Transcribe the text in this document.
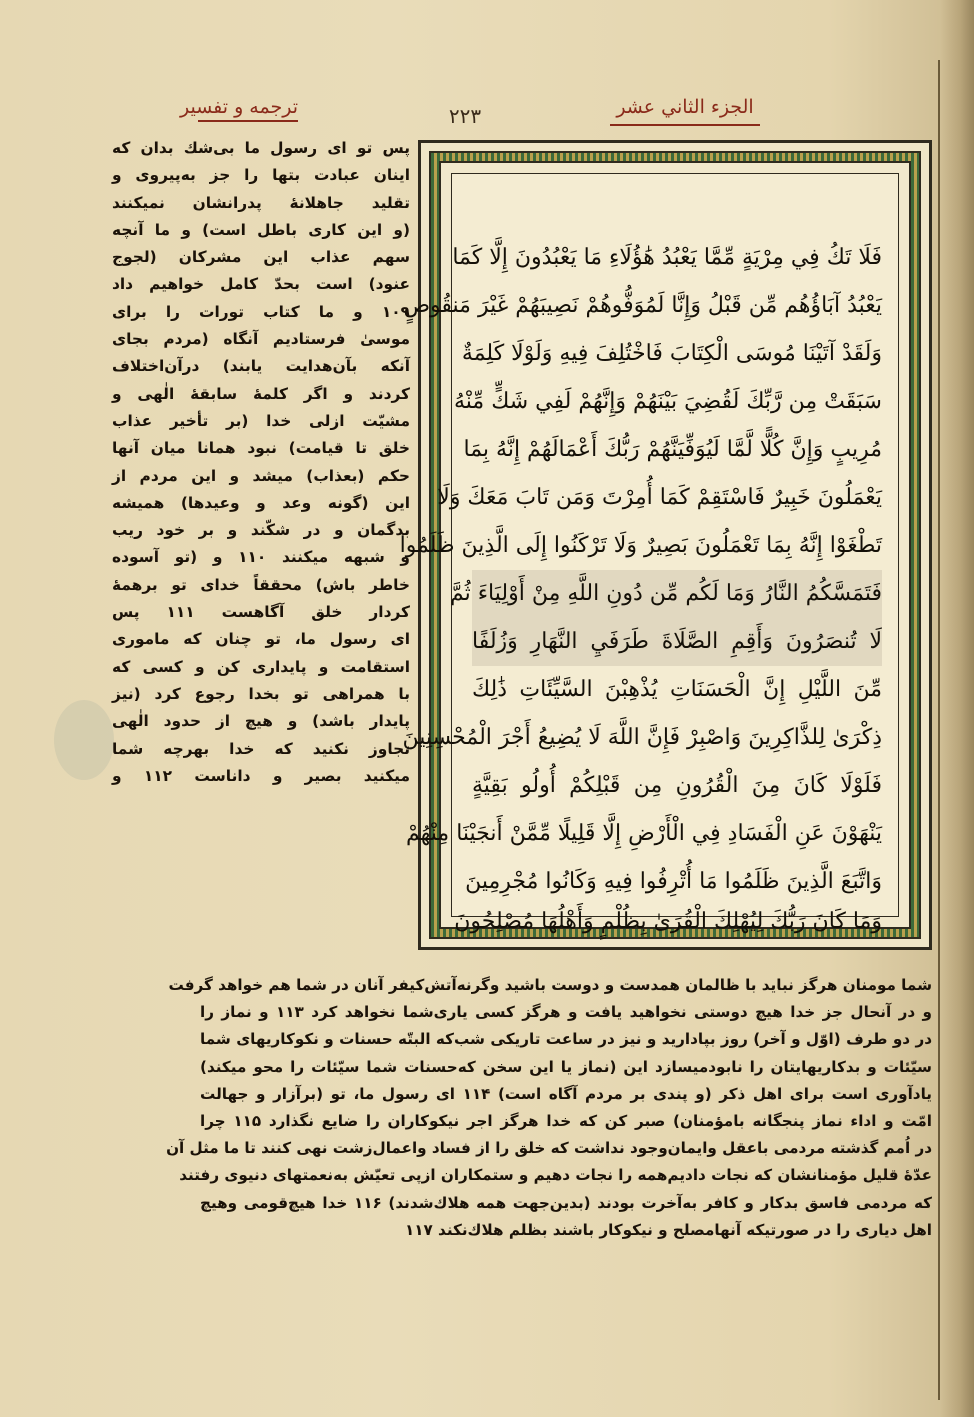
ترجمه و تفسیر	۲۲۳	الجزء الثاني عشر
فَلَا تَكُ فِي مِرْيَةٍ مِّمَّا يَعْبُدُ هَٰؤُلَاءِ مَا يَعْبُدُونَ إِلَّا كَمَا
يَعْبُدُ آبَاؤُهُم مِّن قَبْلُ وَإِنَّا لَمُوَفُّوهُمْ نَصِيبَهُمْ غَيْرَ مَنقُوصٍ
وَلَقَدْ آتَيْنَا مُوسَى الْكِتَابَ فَاخْتُلِفَ فِيهِ وَلَوْلَا كَلِمَةٌ
سَبَقَتْ مِن رَّبِّكَ لَقُضِيَ بَيْنَهُمْ وَإِنَّهُمْ لَفِي شَكٍّ مِّنْهُ
مُرِيبٍ وَإِنَّ كُلًّا لَّمَّا لَيُوَفِّيَنَّهُمْ رَبُّكَ أَعْمَالَهُمْ إِنَّهُ بِمَا
يَعْمَلُونَ خَبِيرٌ فَاسْتَقِمْ كَمَا أُمِرْتَ وَمَن تَابَ مَعَكَ وَلَا
تَطْغَوْا إِنَّهُ بِمَا تَعْمَلُونَ بَصِيرٌ وَلَا تَرْكَنُوا إِلَى الَّذِينَ ظَلَمُوا
فَتَمَسَّكُمُ النَّارُ وَمَا لَكُم مِّن دُونِ اللَّهِ مِنْ أَوْلِيَاءَ ثُمَّ
لَا تُنصَرُونَ وَأَقِمِ الصَّلَاةَ طَرَفَيِ النَّهَارِ وَزُلَفًا
مِّنَ اللَّيْلِ إِنَّ الْحَسَنَاتِ يُذْهِبْنَ السَّيِّئَاتِ ذَٰلِكَ
ذِكْرَىٰ لِلذَّاكِرِينَ وَاصْبِرْ فَإِنَّ اللَّهَ لَا يُضِيعُ أَجْرَ الْمُحْسِنِينَ
فَلَوْلَا كَانَ مِنَ الْقُرُونِ مِن قَبْلِكُمْ أُولُو بَقِيَّةٍ
يَنْهَوْنَ عَنِ الْفَسَادِ فِي الْأَرْضِ إِلَّا قَلِيلًا مِّمَّنْ أَنجَيْنَا مِنْهُمْ
وَاتَّبَعَ الَّذِينَ ظَلَمُوا مَا أُتْرِفُوا فِيهِ وَكَانُوا مُجْرِمِينَ
وَمَا كَانَ رَبُّكَ لِيُهْلِكَ الْقُرَىٰ بِظُلْمٍ وَأَهْلُهَا مُصْلِحُونَ
پس تو ای رسول ما بی‌شك بدان كه
اینان عبادت بتها را جز به‌پیروی و
تقلید جاهلانهٔ پدرانشان نمیكنند
(و این كاری باطل است) و ما آنچه
سهم عذاب این مشركان (لجوج
عنود) است بحدّ كامل خواهیم داد
۱۰۹ و ما كتاب تورات را برای
موسیٰ فرستادیم آنگاه (مردم بجای
آنكه بآن‌هدایت یابند) درآن‌اختلاف
كردند و اگر كلمهٔ سابقهٔ الٰهی و
مشیّت ازلی خدا (بر تأخیر عذاب
خلق تا قیامت) نبود همانا میان آنها
حكم (بعذاب) میشد و این مردم از
این (گونه وعد و وعیدها) همیشه
بدگمان و در شكّند و بر خود ریب
و شبهه میكنند ۱۱۰ و (تو آسوده
خاطر باش) محققاً خدای تو برهمهٔ
كردار خلق آگاهست ۱۱۱ پس
ای رسول ما، تو چنان كه ماموری
استقامت و پایداری كن و كسی كه
با همراهی تو بخدا رجوع كرد (نیز
پایدار باشد) و هیچ از حدود الٰهی
تجاوز نكنید كه خدا بهرچه شما
میكنید بصیر و داناست ۱۱۲ و
شما مومنان هرگز نباید با ظالمان همدست و دوست باشید وگرنه‌آتش‌كیفر آنان در شما هم خواهد گرفت
و در آنحال جز خدا هیچ دوستی نخواهید یافت و هرگز كسی یاری‌شما نخواهد كرد ۱۱۳ و نماز را
در دو طرف (اوّل و آخر) روز بپادارید و نیز در ساعت تاریكی شب‌كه البتّه حسنات و نكوكاریهای شما
سیّئات و بدكاریهایتان را نابودمیسازد این (نماز یا این سخن كه‌حسنات شما سیّئات را محو میكند)
یادآوری است برای اهل ذكر (و پندی بر مردم آگاه است) ۱۱۴ ای رسول ما، تو (برآزار و جهالت
امّت و اداء نماز پنجگانه بامؤمنان) صبر كن كه خدا هرگز اجر نیكوكاران را ضایع نگذارد ۱۱۵ چرا
در اُمم گذشته مردمی باعقل وایمان‌وجود نداشت كه خلق را از فساد واعمال‌زشت نهی كنند تا ما مثل آن
عدّهٔ قلیل مؤمنانشان كه نجات دادیم‌همه را نجات دهیم و ستمكاران ازپی تعیّش به‌نعمتهای دنیوی رفتند
كه مردمی فاسق بدكار و كافر به‌آخرت بودند (بدین‌جهت همه هلاك‌شدند) ۱۱۶ خدا هیچ‌قومی وهیچ
اهل دیاری را در صورتیكه آنهامصلح و نیكوكار باشند بظلم هلاك‌نكند ۱۱۷
